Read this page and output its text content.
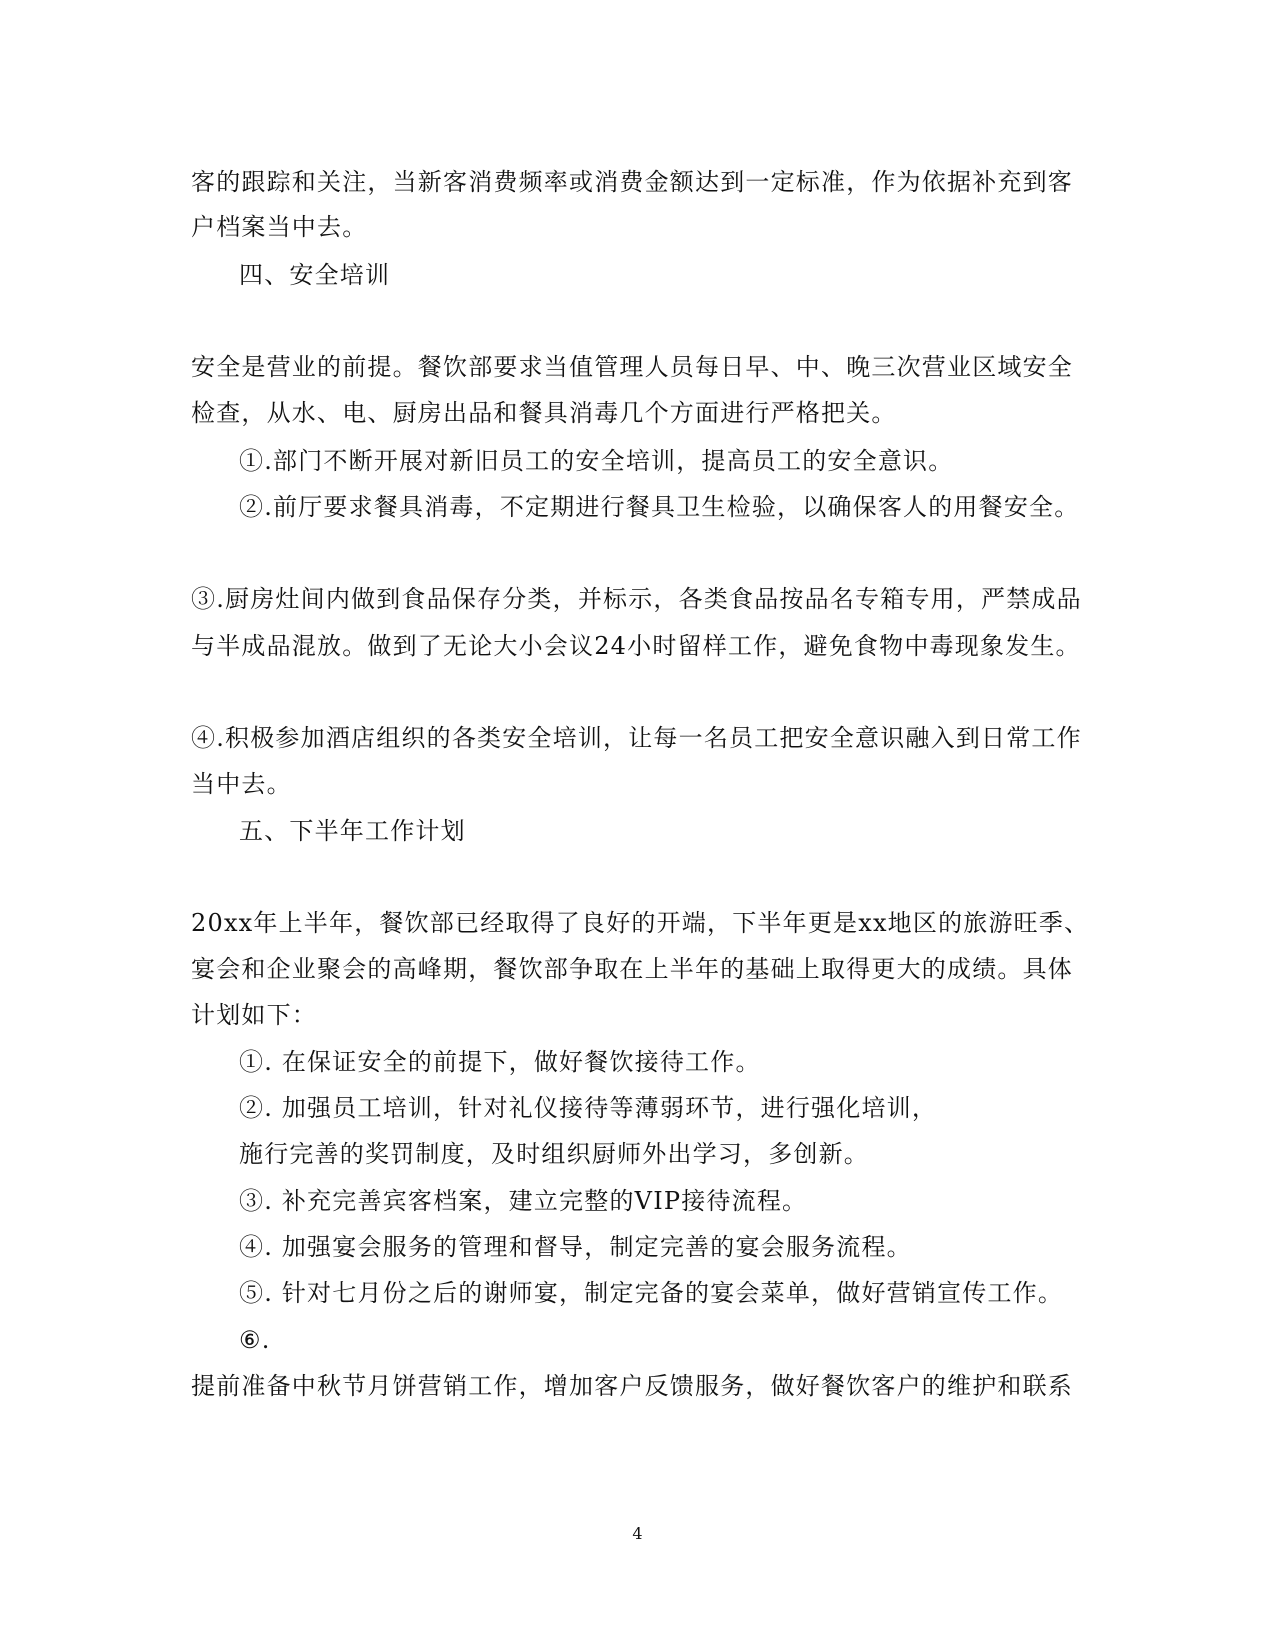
客的跟踪和关注，当新客消费频率或消费金额达到一定标准，作为依据补充到客
户档案当中去。
四、安全培训
安全是营业的前提。餐饮部要求当值管理人员每日早、中、晚三次营业区域安全
检查，从水、电、厨房出品和餐具消毒几个方面进行严格把关。
①.部门不断开展对新旧员工的安全培训，提高员工的安全意识。
②.前厅要求餐具消毒，不定期进行餐具卫生检验，以确保客人的用餐安全。
③.厨房灶间内做到食品保存分类，并标示，各类食品按品名专箱专用，严禁成品
与半成品混放。做到了无论大小会议24小时留样工作，避免食物中毒现象发生。
④.积极参加酒店组织的各类安全培训，让每一名员工把安全意识融入到日常工作
当中去。
五、下半年工作计划
20xx年上半年，餐饮部已经取得了良好的开端，下半年更是xx地区的旅游旺季、
宴会和企业聚会的高峰期，餐饮部争取在上半年的基础上取得更大的成绩。具体
计划如下：
①. 在保证安全的前提下，做好餐饮接待工作。
②. 加强员工培训，针对礼仪接待等薄弱环节，进行强化培训，
施行完善的奖罚制度，及时组织厨师外出学习，多创新。
③. 补充完善宾客档案，建立完整的VIP接待流程。
④. 加强宴会服务的管理和督导，制定完善的宴会服务流程。
⑤. 针对七月份之后的谢师宴，制定完备的宴会菜单，做好营销宣传工作。
⑥.
提前准备中秋节月饼营销工作，增加客户反馈服务，做好餐饮客户的维护和联系
4
